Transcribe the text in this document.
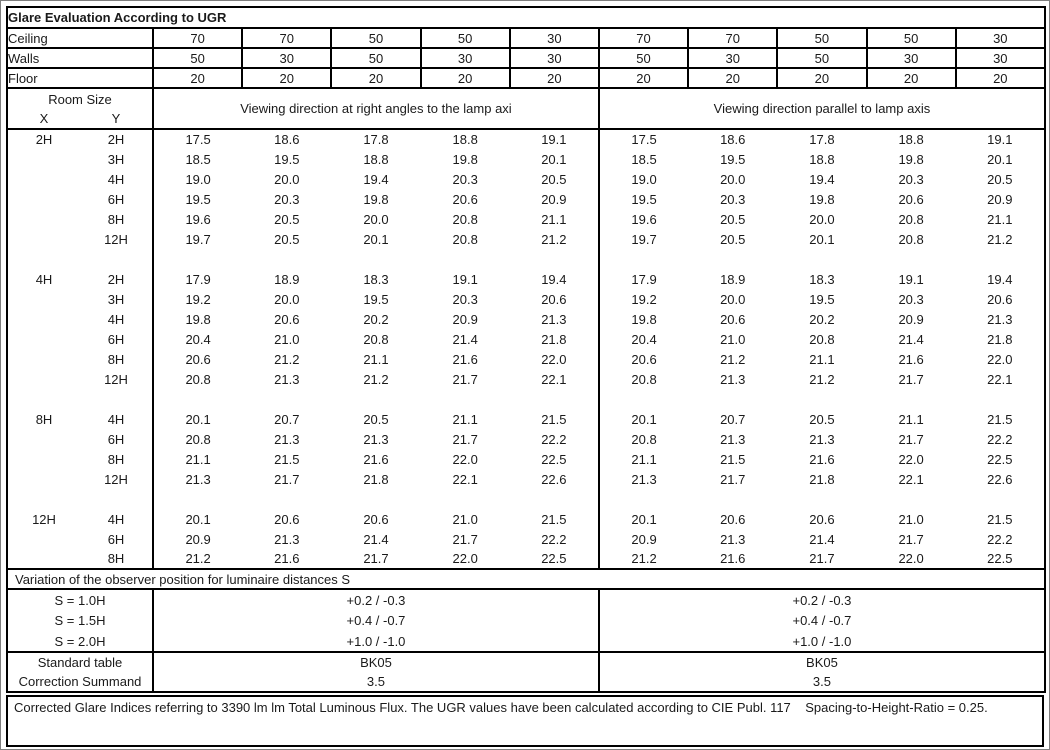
Glare Evaluation According to UGR											
Ceiling		70	70	50	50	30	70	70	50	50	30
Walls		50	30	50	30	30	50	30	50	30	30
Floor		20	20	20	20	20	20	20	20	20	20

Room Size
X Y		Viewing direction at right angles to the lamp axi					Viewing direction parallel to lamp axis				
2H	2H	17.5	18.6	17.8	18.8	19.1	17.5	18.6	17.8	18.8	19.1
	3H	18.5	19.5	18.8	19.8	20.1	18.5	19.5	18.8	19.8	20.1
	4H	19.0	20.0	19.4	20.3	20.5	19.0	20.0	19.4	20.3	20.5
	6H	19.5	20.3	19.8	20.6	20.9	19.5	20.3	19.8	20.6	20.9
	8H	19.6	20.5	20.0	20.8	21.1	19.6	20.5	20.0	20.8	21.1
	12H	19.7	20.5	20.1	20.8	21.2	19.7	20.5	20.1	20.8	21.2

4H	2H	17.9	18.9	18.3	19.1	19.4	17.9	18.9	18.3	19.1	19.4
	3H	19.2	20.0	19.5	20.3	20.6	19.2	20.0	19.5	20.3	20.6
	4H	19.8	20.6	20.2	20.9	21.3	19.8	20.6	20.2	20.9	21.3
	6H	20.4	21.0	20.8	21.4	21.8	20.4	21.0	20.8	21.4	21.8
	8H	20.6	21.2	21.1	21.6	22.0	20.6	21.2	21.1	21.6	22.0
	12H	20.8	21.3	21.2	21.7	22.1	20.8	21.3	21.2	21.7	22.1

8H	4H	20.1	20.7	20.5	21.1	21.5	20.1	20.7	20.5	21.1	21.5
	6H	20.8	21.3	21.3	21.7	22.2	20.8	21.3	21.3	21.7	22.2
	8H	21.1	21.5	21.6	22.0	22.5	21.1	21.5	21.6	22.0	22.5
	12H	21.3	21.7	21.8	22.1	22.6	21.3	21.7	21.8	22.1	22.6

12H	4H	20.1	20.6	20.6	21.0	21.5	20.1	20.6	20.6	21.0	21.5
	6H	20.9	21.3	21.4	21.7	22.2	20.9	21.3	21.4	21.7	22.2
	8H	21.2	21.6	21.7	22.0	22.5	21.2	21.6	21.7	22.0	22.5
Variation of the observer position for luminaire distances S											
S = 1.0H		+0.2 / -0.3					+0.2 / -0.3				
S = 1.5H		+0.4 / -0.7					+0.4 / -0.7				
S = 2.0H		+1.0 / -1.0					+1.0 / -1.0				
Standard table		BK05					BK05				
Correction Summand		3.5					3.5				
Corrected Glare Indices referring to 3390 lm lm Total Luminous Flux. The UGR values have been calculated according to CIE Publ. 117    Spacing-to-Height-Ratio = 0.25.
